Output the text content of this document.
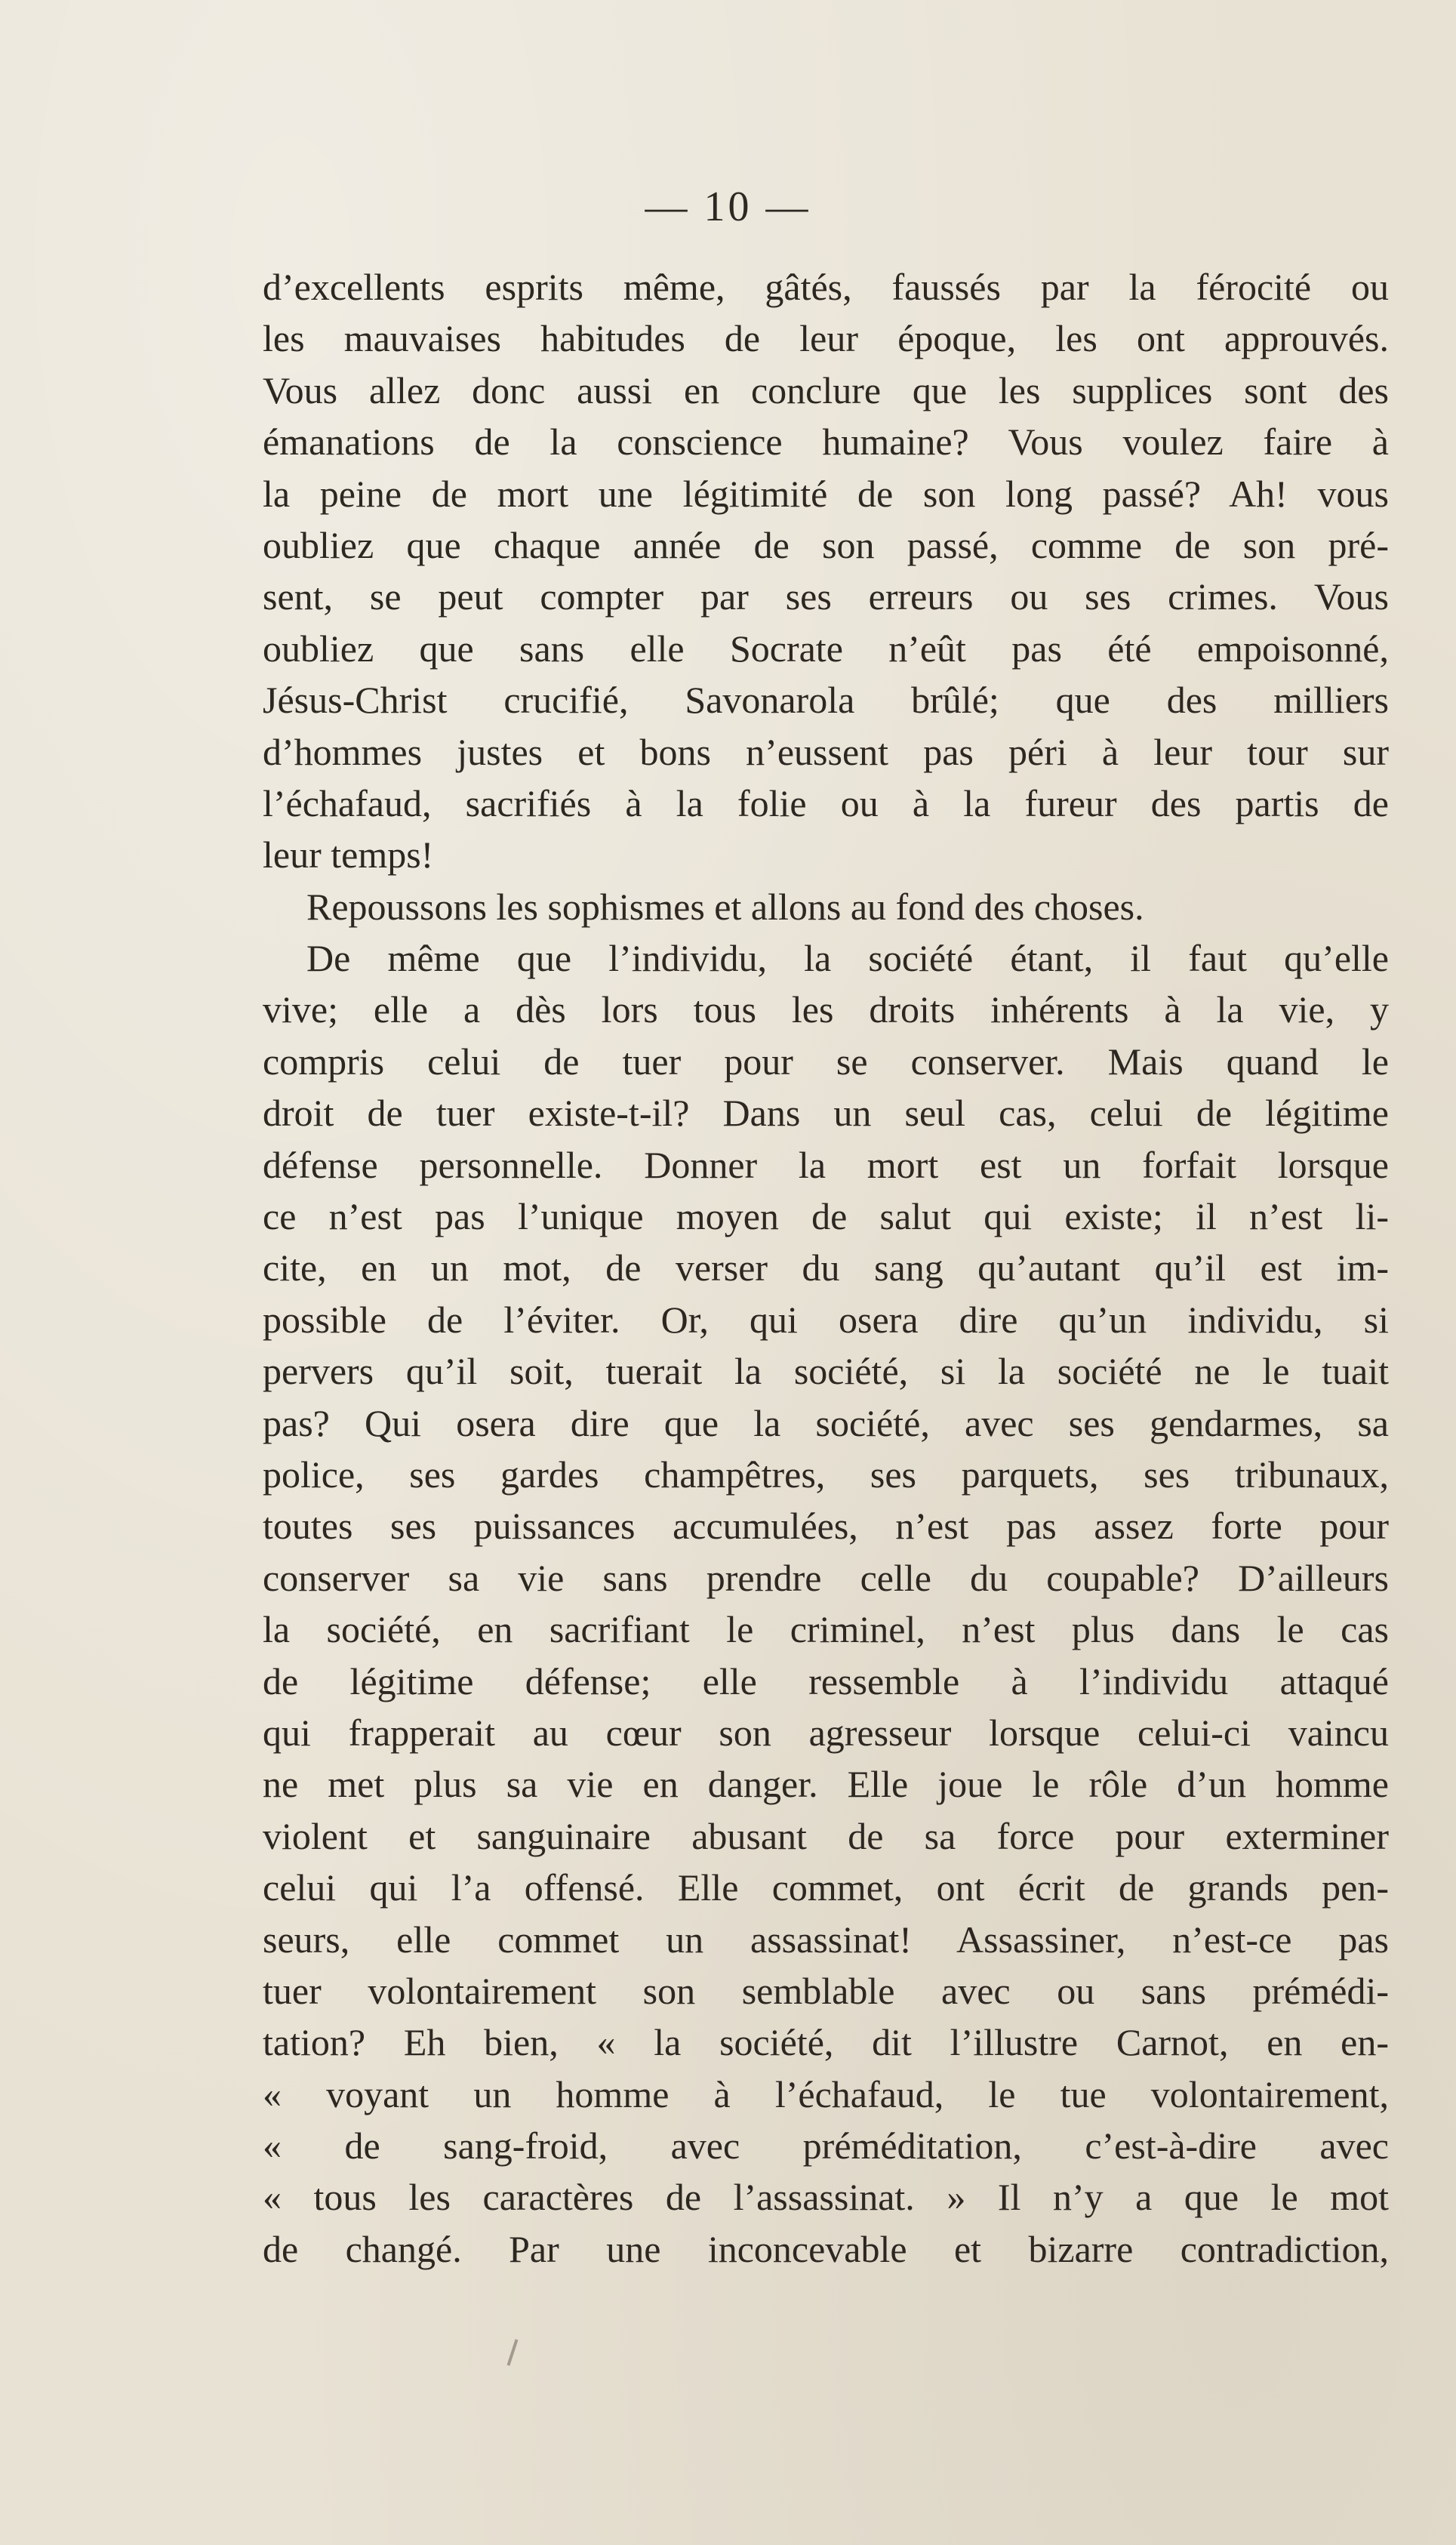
— 10 —
d’excellents esprits même, gâtés, faussés par la férocité ou
les mauvaises habitudes de leur époque, les ont approuvés.
Vous allez donc aussi en conclure que les supplices sont des
émanations de la conscience humaine? Vous voulez faire à
la peine de mort une légitimité de son long passé? Ah! vous
oubliez que chaque année de son passé, comme de son pré-
sent, se peut compter par ses erreurs ou ses crimes. Vous
oubliez que sans elle Socrate n’eût pas été empoisonné,
Jésus-Christ crucifié, Savonarola brûlé; que des milliers
d’hommes justes et bons n’eussent pas péri à leur tour sur
l’échafaud, sacrifiés à la folie ou à la fureur des partis de
leur temps!
Repoussons les sophismes et allons au fond des choses.
De même que l’individu, la société étant, il faut qu’elle
vive; elle a dès lors tous les droits inhérents à la vie, y
compris celui de tuer pour se conserver. Mais quand le
droit de tuer existe-t-il? Dans un seul cas, celui de légitime
défense personnelle. Donner la mort est un forfait lorsque
ce n’est pas l’unique moyen de salut qui existe; il n’est li-
cite, en un mot, de verser du sang qu’autant qu’il est im-
possible de l’éviter. Or, qui osera dire qu’un individu, si
pervers qu’il soit, tuerait la société, si la société ne le tuait
pas? Qui osera dire que la société, avec ses gendarmes, sa
police, ses gardes champêtres, ses parquets, ses tribunaux,
toutes ses puissances accumulées, n’est pas assez forte pour
conserver sa vie sans prendre celle du coupable? D’ailleurs
la société, en sacrifiant le criminel, n’est plus dans le cas
de légitime défense; elle ressemble à l’individu attaqué
qui frapperait au cœur son agresseur lorsque celui-ci vaincu
ne met plus sa vie en danger. Elle joue le rôle d’un homme
violent et sanguinaire abusant de sa force pour exterminer
celui qui l’a offensé. Elle commet, ont écrit de grands pen-
seurs, elle commet un assassinat! Assassiner, n’est-ce pas
tuer volontairement son semblable avec ou sans prémédi-
tation? Eh bien, « la société, dit l’illustre Carnot, en en-
« voyant un homme à l’échafaud, le tue volontairement,
« de sang-froid, avec préméditation, c’est-à-dire avec
« tous les caractères de l’assassinat. » Il n’y a que le mot
de changé. Par une inconcevable et bizarre contradiction,
